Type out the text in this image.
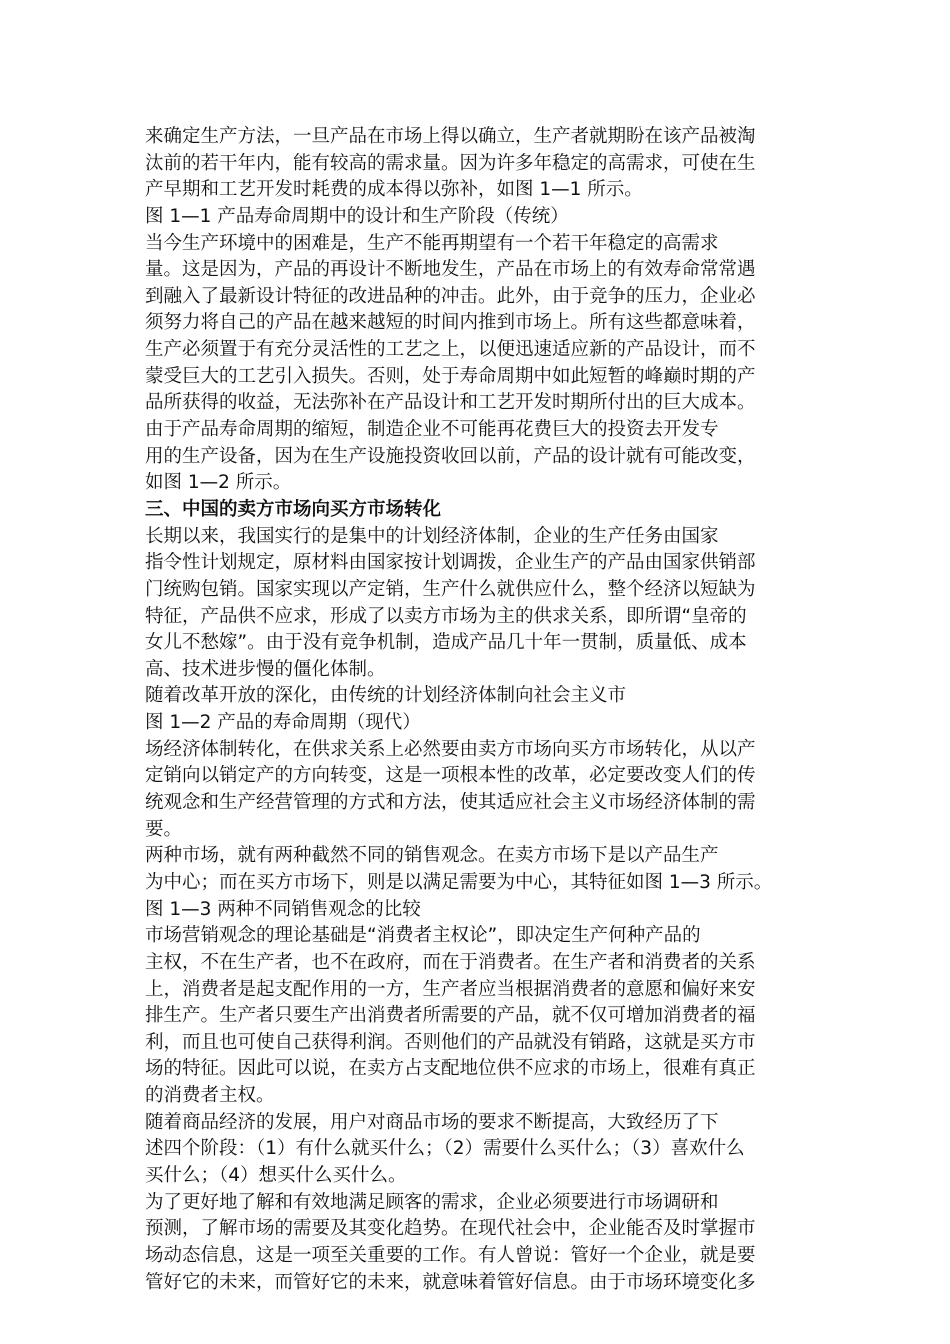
来确定生产方法，一旦产品在市场上得以确立，生产者就期盼在该产品被淘
汰前的若干年内，能有较高的需求量。因为许多年稳定的高需求，可使在生
产早期和工艺开发时耗费的成本得以弥补，如图 1—1 所示。
图 1—1 产品寿命周期中的设计和生产阶段（传统）
当今生产环境中的困难是，生产不能再期望有一个若干年稳定的高需求
量。这是因为，产品的再设计不断地发生，产品在市场上的有效寿命常常遇
到融入了最新设计特征的改进品种的冲击。此外，由于竞争的压力，企业必
须努力将自己的产品在越来越短的时间内推到市场上。所有这些都意味着，
生产必须置于有充分灵活性的工艺之上，以便迅速适应新的产品设计，而不
蒙受巨大的工艺引入损失。否则，处于寿命周期中如此短暂的峰巅时期的产
品所获得的收益，无法弥补在产品设计和工艺开发时期所付出的巨大成本。
由于产品寿命周期的缩短，制造企业不可能再花费巨大的投资去开发专
用的生产设备，因为在生产设施投资收回以前，产品的设计就有可能改变，
如图 1—2 所示。
三、中国的卖方市场向买方市场转化
长期以来，我国实行的是集中的计划经济体制，企业的生产任务由国家
指令性计划规定，原材料由国家按计划调拨，企业生产的产品由国家供销部
门统购包销。国家实现以产定销，生产什么就供应什么，整个经济以短缺为
特征，产品供不应求，形成了以卖方市场为主的供求关系，即所谓“皇帝的
女儿不愁嫁”。由于没有竞争机制，造成产品几十年一贯制，质量低、成本
高、技术进步慢的僵化体制。
随着改革开放的深化，由传统的计划经济体制向社会主义市
图 1—2 产品的寿命周期（现代）
场经济体制转化，在供求关系上必然要由卖方市场向买方市场转化，从以产
定销向以销定产的方向转变，这是一项根本性的改革，必定要改变人们的传
统观念和生产经营管理的方式和方法，使其适应社会主义市场经济体制的需
要。
两种市场，就有两种截然不同的销售观念。在卖方市场下是以产品生产
为中心；而在买方市场下，则是以满足需要为中心，其特征如图 1—3 所示。
图 1—3 两种不同销售观念的比较
市场营销观念的理论基础是“消费者主权论”，即决定生产何种产品的
主权，不在生产者，也不在政府，而在于消费者。在生产者和消费者的关系
上，消费者是起支配作用的一方，生产者应当根据消费者的意愿和偏好来安
排生产。生产者只要生产出消费者所需要的产品，就不仅可增加消费者的福
利，而且也可使自己获得利润。否则他们的产品就没有销路，这就是买方市
场的特征。因此可以说，在卖方占支配地位供不应求的市场上，很难有真正
的消费者主权。
随着商品经济的发展，用户对商品市场的要求不断提高，大致经历了下
述四个阶段：（1）有什么就买什么；（2）需要什么买什么；（3）喜欢什么
买什么；（4）想买什么买什么。
为了更好地了解和有效地满足顾客的需求，企业必须要进行市场调研和
预测，了解市场的需要及其变化趋势。在现代社会中，企业能否及时掌握市
场动态信息，这是一项至关重要的工作。有人曾说：管好一个企业，就是要
管好它的未来，而管好它的未来，就意味着管好信息。由于市场环境变化多
